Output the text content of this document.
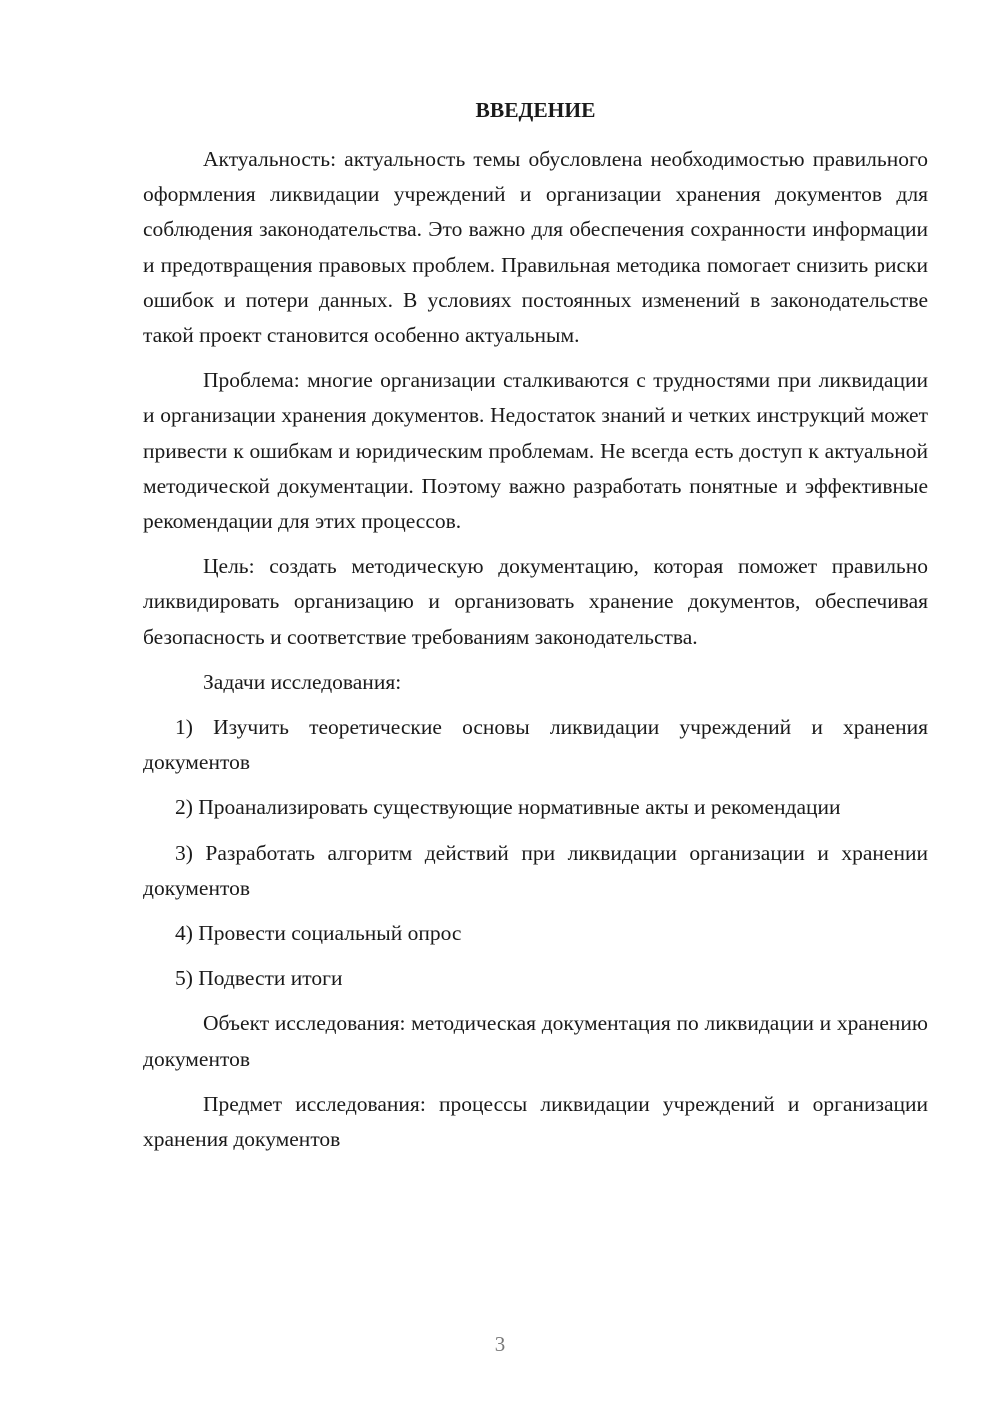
ВВЕДЕНИЕ

Актуальность: актуальность темы обусловлена необходимостью правильного оформления ликвидации учреждений и организации хранения документов для соблюдения законодательства. Это важно для обеспечения сохранности информации и предотвращения правовых проблем. Правильная методика помогает снизить риски ошибок и потери данных. В условиях постоянных изменений в законодательстве такой проект становится особенно актуальным.

Проблема: многие организации сталкиваются с трудностями при ликвидации и организации хранения документов. Недостаток знаний и четких инструкций может привести к ошибкам и юридическим проблемам. Не всегда есть доступ к актуальной методической документации. Поэтому важно разработать понятные и эффективные рекомендации для этих процессов.

Цель: создать методическую документацию, которая поможет правильно ликвидировать организацию и организовать хранение документов, обеспечивая безопасность и соответствие требованиям законодательства.

Задачи исследования:

1) Изучить теоретические основы ликвидации учреждений и хранения документов

2) Проанализировать существующие нормативные акты и рекомендации

3) Разработать алгоритм действий при ликвидации организации и хранении документов

4) Провести социальный опрос

5) Подвести итоги

Объект исследования: методическая документация по ликвидации и хранению документов

Предмет исследования: процессы ликвидации учреждений и организации хранения документов

3
